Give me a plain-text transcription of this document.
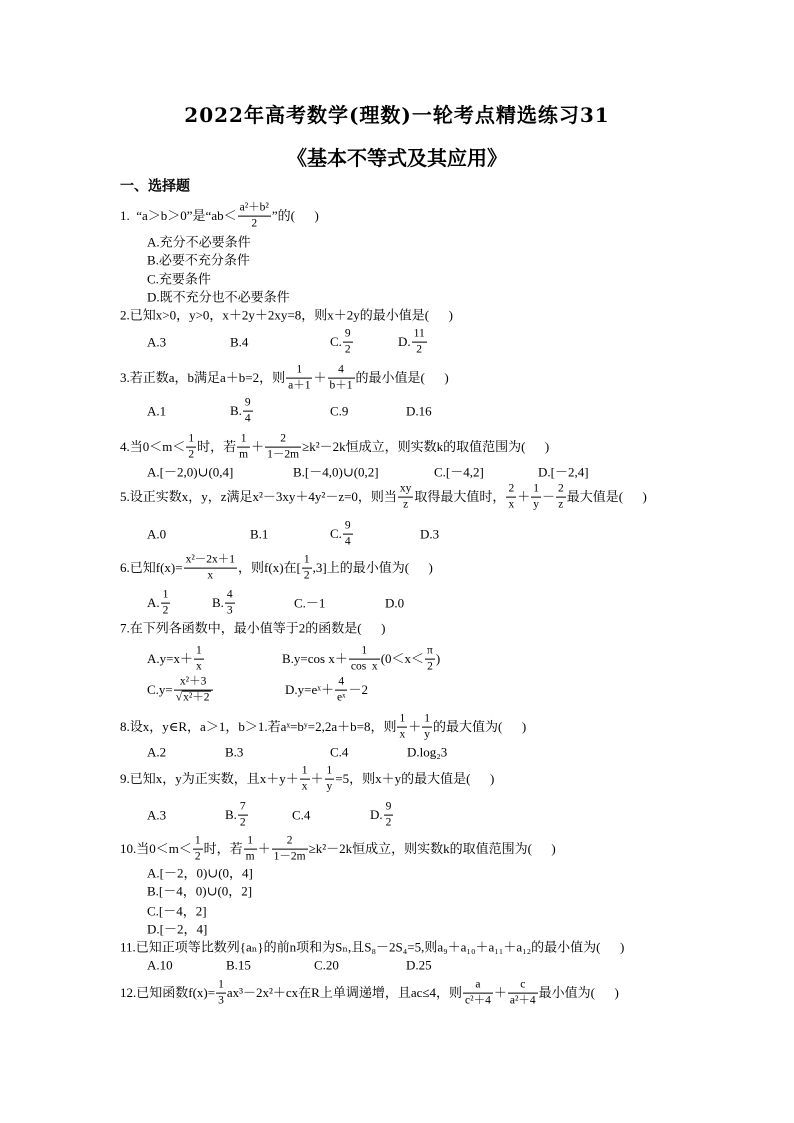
2022年高考数学(理数)一轮考点精选练习31
《基本不等式及其应用》
一、选择题
1.  “a＞b＞0”是“$ab< \frac{\text{a²＋b²}}{2}$ ”的(      )
A.充分不必要条件
B.必要不充分条件
C.充要条件
D.既不充分也不必要条件
2.已知x>0，y>0，x＋2y＋2xy=8，则x＋2y的最小值是(      )
A.3	B.4	C. $\frac{9}{2}$	D. $\frac{11}{2}$
3.若正数a，b满足a＋b=2，则 $\frac{1}{a+1} + \frac{4}{b+1}$ 的最小值是(      )
A.1	B. $\frac{9}{4}$	C.9	D.16
4.当$0<m< \frac{1}{2}$ 时，若 $\frac{1}{m} + \frac{2}{1-2m} \ge k^2-2k$恒成立，则实数k的取值范围为(      )
A.[－2,0)∪(0,4]	B.[－4,0)∪(0,2]	C.[－4,2]	D.[－2,4]
5.设正实数x，y，z满足x²－3xy＋4y²－z=0，则当 $\frac{xy}{z}$ 取得最大值时， $\frac{2}{x} + \frac{1}{y} - \frac{2}{z}$ 最大值是(      )
A.0	B.1	C. $\frac{9}{4}$	D.3
6.已知$f(x)= \frac{\text{x²－2x＋1}}{x}$ ，则f(x)在[ $\frac{1}{2} ,3$]上的最小值为(      )
A. $\frac{1}{2}$	B. $\frac{4}{3}$	C.－1	D.0
7.在下列各函数中，最小值等于2的函数是(      )
$A.y=x+ \frac{1}{x}$	B.y=cos $x+ \frac{1}{\text{cos  x}} (0<x< \frac{\pi}{2}$ )
$C.y= \frac{\text{x²＋3}}{\text{√x²＋2}}$	D.y=eˣ＋ $\frac{4}{\text{eˣ}} -2$
8.设x，y∈R，a＞1，b＞1.若aˣ=bʸ=2,2a＋b=8，则 $\frac{1}{x} + \frac{1}{y}$ 的最大值为(      )
A.2	B.3	C.4	D.log₂3
9.已知x，y为正实数，且$x+y+ \frac{1}{x} + \frac{1}{y} =5$，则x＋y的最大值是(      )
A.3	B. $\frac{7}{2}$	C.4	D. $\frac{9}{2}$
10.当$0<m< \frac{1}{2}$ 时，若 $\frac{1}{m} + \frac{2}{1-2m} \ge k^2-2k$恒成立，则实数k的取值范围为(      )
A.[－2，0)∪(0，4]
B.[－4，0)∪(0，2]
C.[－4，2]
D.[－2，4]
11.已知正项等比数列{aₙ}的前n项和为Sₙ,且S₈－2S₄=5,则a₉＋a₁₀＋a₁₁＋a₁₂的最小值为(      )
A.10	B.15	C.20	D.25
12.已知函数$f(x)= \frac{1}{3} ax^3-2x^2+cx$在R上单调递增，且ac≤4，则 $\frac{a}{\text{c²＋4}} + \frac{c}{\text{a²＋4}}$ 最小值为(      )
